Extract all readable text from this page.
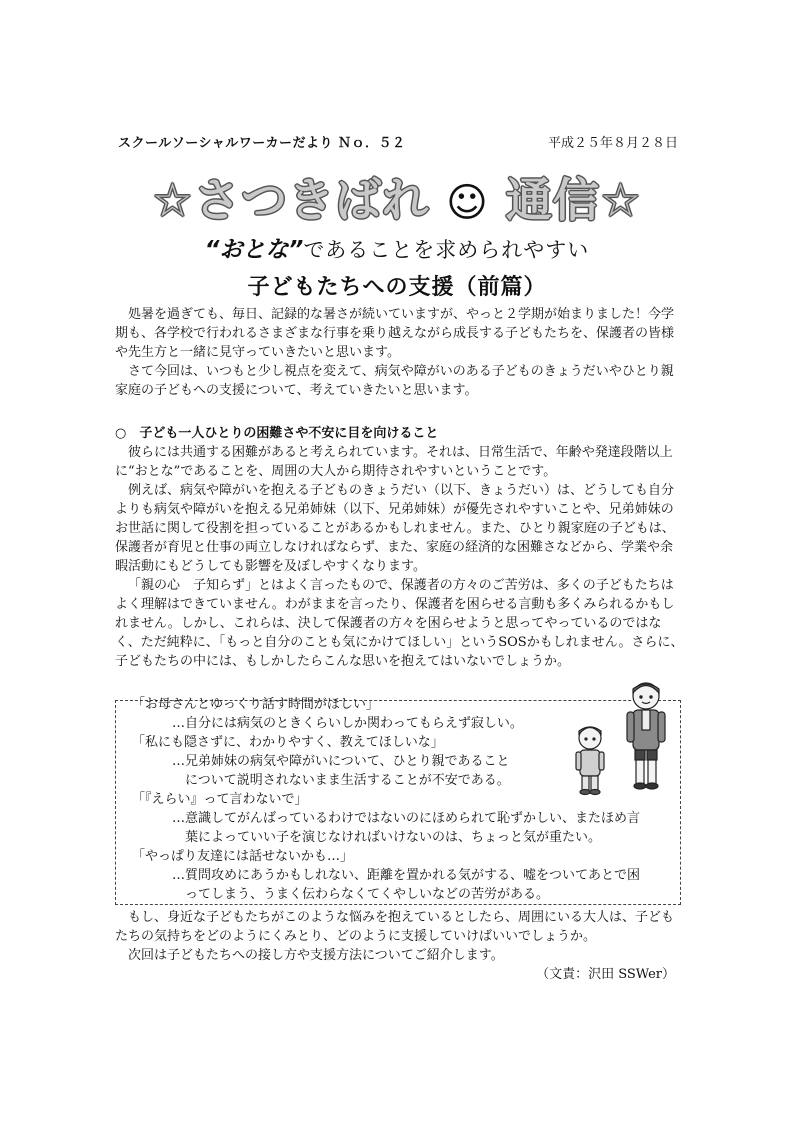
スクールソーシャルワーカーだより Ｎｏ．５２	平成２５年８月２８日
☆さつきばれ ☺ 通信☆
“おとな”であることを求められやすい
子どもたちへの支援（前篇）

処暑を過ぎても、毎日、記録的な暑さが続いていますが、やっと２学期が始まりました！今学期も、各学校で行われるさまざまな行事を乗り越えながら成長する子どもたちを、保護者の皆様や先生方と一緒に見守っていきたいと思います。

さて今回は、いつもと少し視点を変えて、病気や障がいのある子どものきょうだいやひとり親家庭の子どもへの支援について、考えていきたいと思います。

○　子ども一人ひとりの困難さや不安に目を向けること

彼らには共通する困難があると考えられています。それは、日常生活で、年齢や発達段階以上に“おとな”であることを、周囲の大人から期待されやすいということです。

例えば、病気や障がいを抱える子どものきょうだい（以下、きょうだい）は、どうしても自分よりも病気や障がいを抱える兄弟姉妹（以下、兄弟姉妹）が優先されやすいことや、兄弟姉妹のお世話に関して役割を担っていることがあるかもしれません。また、ひとり親家庭の子どもは、保護者が育児と仕事の両立しなければならず、また、家庭の経済的な困難さなどから、学業や余暇活動にもどうしても影響を及ぼしやすくなります。

「親の心　子知らず」とはよく言ったもので、保護者の方々のご苦労は、多くの子どもたちはよく理解はできていません。わがままを言ったり、保護者を困らせる言動も多くみられるかもしれません。しかし、これらは、決して保護者の方々を困らせようと思ってやっているのではなく、ただ純粋に、「もっと自分のことも気にかけてほしい」というSOSかもしれません。さらに、子どもたちの中には、もしかしたらこんな思いを抱えてはいないでしょうか。

「お母さんとゆっくり話す時間がほしい」

…自分には病気のときくらいしか関わってもらえず寂しい。

「私にも隠さずに、わかりやすく、教えてほしいな」

…兄弟姉妹の病気や障がいについて、ひとり親であること

について説明されないまま生活することが不安である。

「『えらい』って言わないで」

…意識してがんばっているわけではないのにほめられて恥ずかしい、またほめ言

葉によっていい子を演じなければいけないのは、ちょっと気が重たい。

「やっぱり友達には話せないかも…」

…質問攻めにあうかもしれない、距離を置かれる気がする、嘘をついてあとで困

ってしまう、うまく伝わらなくてくやしいなどの苦労がある。

もし、身近な子どもたちがこのような悩みを抱えているとしたら、周囲にいる大人は、子どもたちの気持ちをどのようにくみとり、どのように支援していけばいいでしょうか。

次回は子どもたちへの接し方や支援方法についてご紹介します。

（文責：沢田 SSWer）
